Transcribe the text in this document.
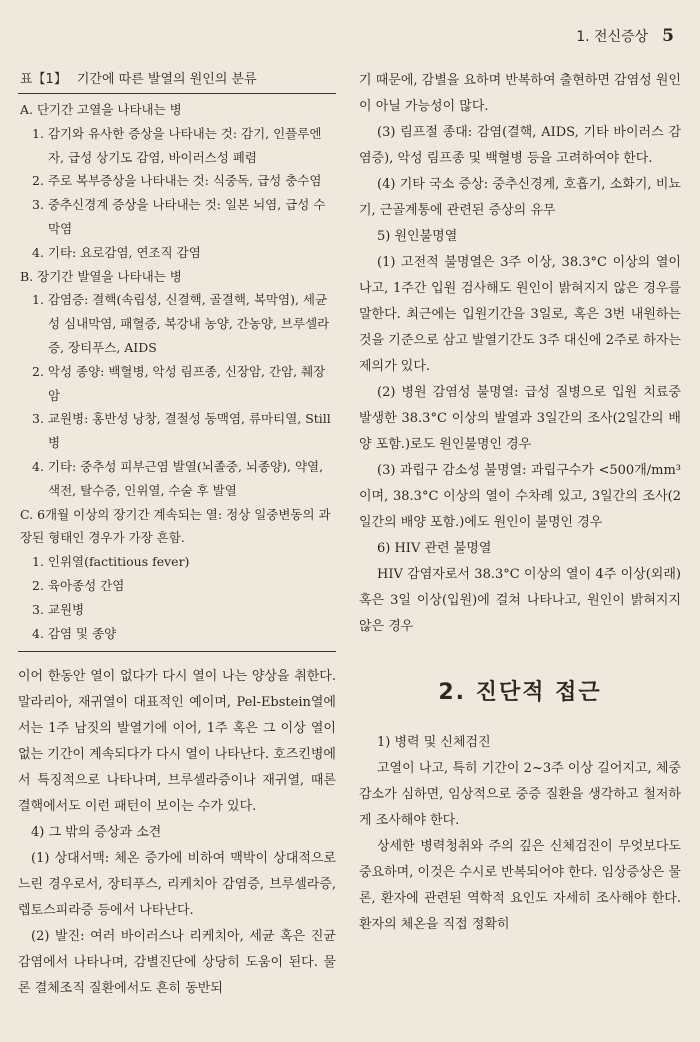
1. 전신증상 5
표【1】 기간에 따른 발열의 원인의 분류
A. 단기간 고열을 나타내는 병
1. 감기와 유사한 증상을 나타내는 것: 감기, 인플루엔자, 급성 상기도 감염, 바이러스성 폐렴
2. 주로 복부증상을 나타내는 것: 식중독, 급성 충수염
3. 중추신경계 증상을 나타내는 것: 일본 뇌염, 급성 수막염
4. 기타: 요로감염, 연조직 감염
B. 장기간 발열을 나타내는 병
1. 감염증: 결핵(속립성, 신결핵, 골결핵, 복막염), 세균성 심내막염, 패혈증, 복강내 농양, 간농양, 브루셀라증, 장티푸스, AIDS
2. 악성 종양: 백혈병, 악성 림프종, 신장암, 간암, 췌장암
3. 교원병: 홍반성 낭창, 결절성 동맥염, 류마티열, Still병
4. 기타: 중추성 피부근염 발열(뇌졸중, 뇌종양), 약열, 색전, 탈수증, 인위열, 수술 후 발열
C. 6개월 이상의 장기간 계속되는 열: 정상 일중변동의 과장된 형태인 경우가 가장 흔함.
1. 인위열(factitious fever)
2. 육아종성 간염
3. 교원병
4. 감염 및 종양

이어 한동안 열이 없다가 다시 열이 나는 양상을 취한다. 말라리아, 재귀열이 대표적인 예이며, Pel-Ebstein열에서는 1주 남짓의 발열기에 이어, 1주 혹은 그 이상 열이 없는 기간이 계속되다가 다시 열이 나타난다. 호즈킨병에서 특징적으로 나타나며, 브루셀라증이나 재귀열, 때론 결핵에서도 이런 패턴이 보이는 수가 있다.

4) 그 밖의 증상과 소견

(1) 상대서맥: 체온 증가에 비하여 맥박이 상대적으로 느린 경우로서, 장티푸스, 리케치아 감염증, 브루셀라증, 렙토스피라증 등에서 나타난다.

(2) 발진: 여러 바이러스나 리케치아, 세균 혹은 진균 감염에서 나타나며, 감별진단에 상당히 도움이 된다. 물론 결체조직 질환에서도 흔히 동반되

기 때문에, 감별을 요하며 반복하여 출현하면 감염성 원인이 아닐 가능성이 많다.

(3) 림프절 종대: 감염(결핵, AIDS, 기타 바이러스 감염증), 악성 림프종 및 백혈병 등을 고려하여야 한다.

(4) 기타 국소 증상: 중추신경계, 호흡기, 소화기, 비뇨기, 근골계통에 관련된 증상의 유무

5) 원인불명열

(1) 고전적 불명열은 3주 이상, 38.3°C 이상의 열이 나고, 1주간 입원 검사해도 원인이 밝혀지지 않은 경우를 말한다. 최근에는 입원기간을 3일로, 혹은 3번 내원하는 것을 기준으로 삼고 발열기간도 3주 대신에 2주로 하자는 제의가 있다.

(2) 병원 감염성 불명열: 급성 질병으로 입원 치료중 발생한 38.3°C 이상의 발열과 3일간의 조사(2일간의 배양 포함.)로도 원인불명인 경우

(3) 과립구 감소성 불명열: 과립구수가 <500개/mm³이며, 38.3°C 이상의 열이 수차례 있고, 3일간의 조사(2일간의 배양 포함.)에도 원인이 불명인 경우

6) HIV 관련 불명열

HIV 감염자로서 38.3°C 이상의 열이 4주 이상(외래) 혹은 3일 이상(입원)에 걸쳐 나타나고, 원인이 밝혀지지 않은 경우

2. 진단적 접근

1) 병력 및 신체검진

고열이 나고, 특히 기간이 2~3주 이상 길어지고, 체중감소가 심하면, 임상적으로 중증 질환을 생각하고 철저하게 조사해야 한다.

상세한 병력청취와 주의 깊은 신체검진이 무엇보다도 중요하며, 이것은 수시로 반복되어야 한다. 임상증상은 물론, 환자에 관련된 역학적 요인도 자세히 조사해야 한다. 환자의 체온을 직접 정확히
